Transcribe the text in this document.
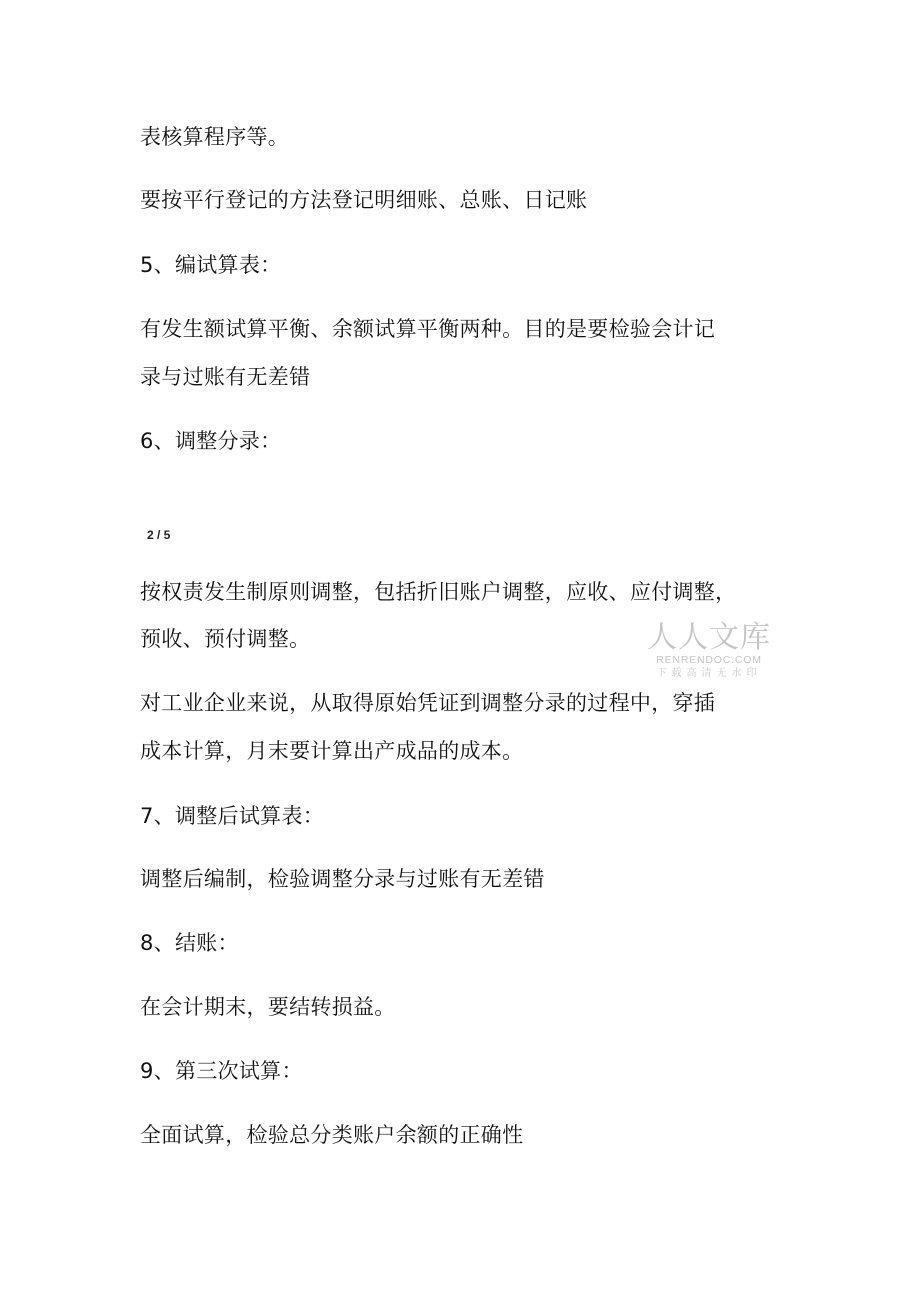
表核算程序等。
要按平行登记的方法登记明细账、总账、日记账
5、编试算表：
有发生额试算平衡、余额试算平衡两种。目的是要检验会计记
录与过账有无差错
6、调整分录：
2 / 5
按权责发生制原则调整，包括折旧账户调整，应收、应付调整，
预收、预付调整。
对工业企业来说，从取得原始凭证到调整分录的过程中，穿插
成本计算，月末要计算出产成品的成本。
7、调整后试算表：
调整后编制，检验调整分录与过账有无差错
8、结账：
在会计期末，要结转损益。
9、第三次试算：
全面试算，检验总分类账户余额的正确性
人人文库
RENRENDOC.COM
下载高清无水印
